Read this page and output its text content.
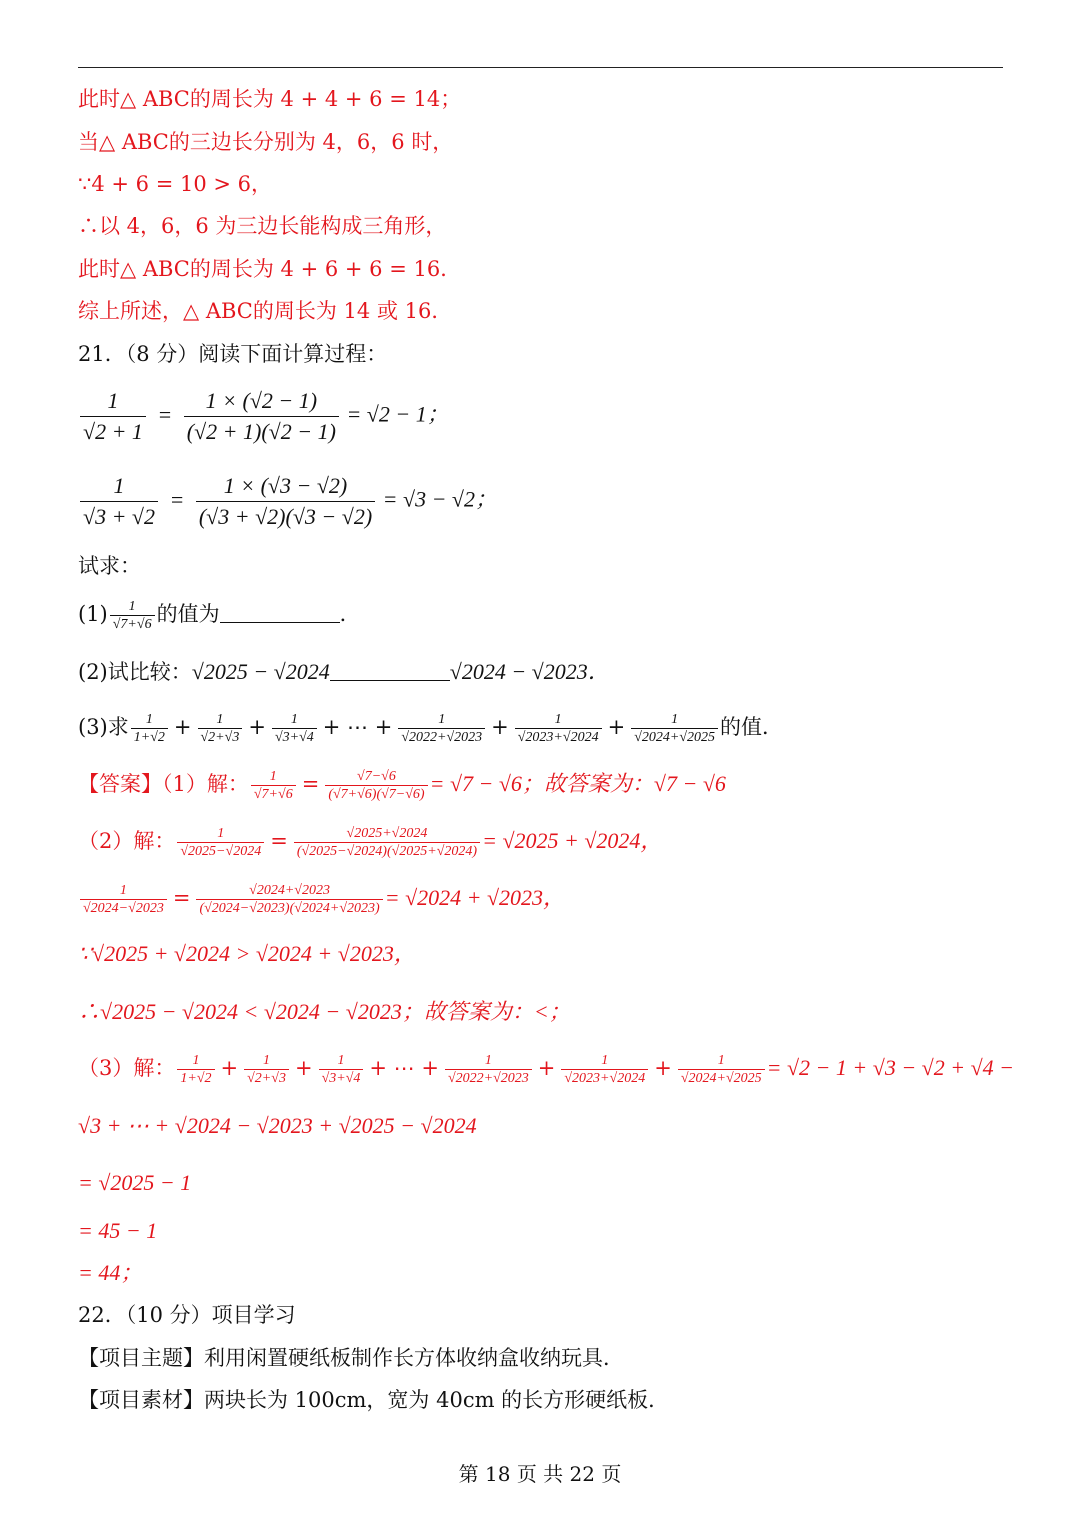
此时△ ABC的周长为 4 + 4 + 6 = 14；
当△ ABC的三边长分别为 4，6，6 时，
∵4 + 6 = 10 > 6，
∴以 4，6，6 为三边长能构成三角形，
此时△ ABC的周长为 4 + 6 + 6 = 16．
综上所述，△ ABC的周长为 14 或 16．
21．（8 分）阅读下面计算过程：
$\frac{1}{√2 + 1} = \frac{1 \times (√2 - 1)}{(√2 + 1)(√2 - 1)} = √2 - 1$；
$\frac{1}{√3 + √2} = \frac{1 \times (√3 - √2)}{(√3 + √2)(√3 - √2)} = √3 - √2$；
试求：
$(1) \frac{1}{√7+√6}$ 的值为	．
(2)试比较：√2025 − √2024	√2024 − √2023．
(3)求 $\frac{1}{1+√2} + \frac{1}{√2+√3} + \frac{1}{√3+√4}$ + ⋯ + $\frac{1}{√2022+√2023} + \frac{1}{√2023+√2024} + \frac{1}{√2024+√2025}$ 的值．
【答案】（1）解： $\frac{1}{√7+√6} = \frac{√7-√6}{(√7+√6)(√7-√6)} = √7 - √6$；故答案为：√7 − √6
（2）解： $\frac{1}{√2025-√2024} = \frac{√2025+√2024}{(√2025-√2024)(√2025+√2024)} = √2025 + √2024$，
$\frac{1}{√2024-√2023} = \frac{√2024+√2023}{(√2024-√2023)(√2024+√2023)} = √2024 + √2023$，
∵√2025 + √2024 > √2024 + √2023，
∴√2025 − √2024 < √2024 − √2023；故答案为：<；
（3）解： $\frac{1}{1+√2} + \frac{1}{√2+√3} + \frac{1}{√3+√4}$ + ⋯ + $\frac{1}{√2022+√2023} + \frac{1}{√2023+√2024} + \frac{1}{√2024+√2025} = √2 - 1 + √3 - √2 + √4$ −
√3 + ⋯ + √2024 − √2023 + √2025 − √2024
= √2025 − 1
= 45 − 1
= 44；
22．（10 分）项目学习
【项目主题】利用闲置硬纸板制作长方体收纳盒收纳玩具．
【项目素材】两块长为 100cm，宽为 40cm 的长方形硬纸板．
第 18 页 共 22 页
